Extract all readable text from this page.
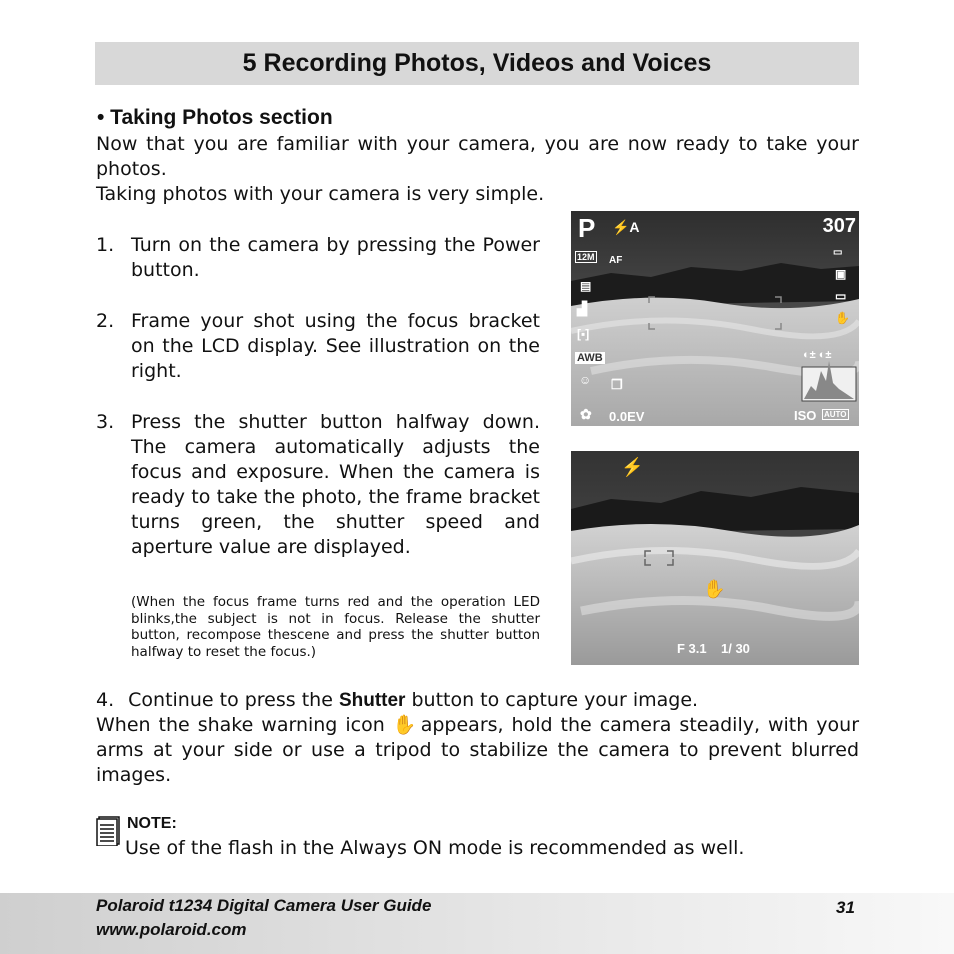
5 Recording Photos, Videos and Voices
• Taking Photos section
Now that you are familiar with your camera, you are now ready to take your photos.
Taking photos with your camera is very simple.
1. Turn on the camera by pressing the Power button.
2. Frame your shot using the focus bracket on the LCD display. See illustration on the right.
3. Press the shutter button halfway down. The camera automatically adjusts the focus and exposure. When the camera is ready to take the photo, the frame bracket turns green, the shutter speed and aperture value are displayed.
(When the focus frame turns red and the operation LED blinks,the subject is not in focus. Release the shutter button, recompose thescene and press the shutter button halfway to reset the focus.)
P ⚡A	307
12M AF
AWB
0.0EV	ISO AUTO
▟
[▪]
☺
✿
▤
▭
▣
▭
✋
◐± ◐±
❐
⚡
✋
F 3.1 1/ 30
4. Continue to press the Shutter button to capture your image.
When the shake warning icon ✋ appears, hold the camera steadily, with your arms at your side or use a tripod to stabilize the camera to prevent blurred images.
NOTE:
Use of the flash in the Always ON mode is recommended as well.
Polaroid t1234 Digital Camera User Guide
www.polaroid.com
31
